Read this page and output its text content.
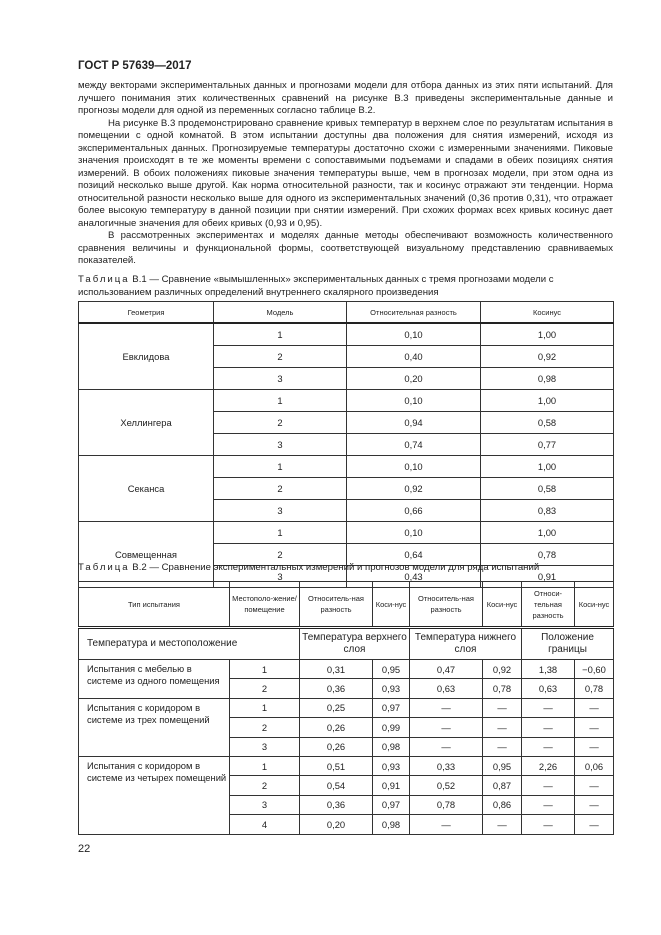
ГОСТ Р 57639—2017

между векторами экспериментальных данных и прогнозами модели для отбора данных из этих пяти испытаний. Для лучшего понимания этих количественных сравнений на рисунке В.3 приведены экспериментальные данные и прогнозы модели для одной из переменных согласно таблице В.2.

На рисунке В.3 продемонстрировано сравнение кривых температур в верхнем слое по результатам испытания в помещении с одной комнатой. В этом испытании доступны два положения для снятия измерений, исходя из экспериментальных данных. Прогнозируемые температуры достаточно схожи с измеренными значениями. Пиковые значения происходят в те же моменты времени с сопоставимыми подъемами и спадами в обеих позициях снятия измерений. В обоих положениях пиковые значения температуры выше, чем в прогнозах модели, при этом одна из позиций несколько выше другой. Как норма относительной разности, так и косинус отражают эти тенденции. Норма относительной разности несколько выше для одного из экспериментальных значений (0,36 против 0,31), что отражает более высокую температуру в данной позиции при снятии измерений. При схожих формах всех кривых косинус дает аналогичные значения для обеих кривых (0,93 и 0,95).

В рассмотренных экспериментах и моделях данные методы обеспечивают возможность количественного сравнения величины и функциональной формы, соответствующей визуальному представлению сравниваемых показателей.

Таблица В.1 — Сравнение «вымышленных» экспериментальных данных с тремя прогнозами модели с использованием различных определений внутреннего скалярного произведения
Геометрия	Модель	Относительная разность	Косинус
Евклидова	1	0,10	1,00
	2	0,40	0,92
	3	0,20	0,98
Хеллингера	1	0,10	1,00
	2	0,94	0,58
	3	0,74	0,77
Секанса	1	0,10	1,00
	2	0,92	0,58
	3	0,66	0,83
Совмещенная	1	0,10	1,00
	2	0,64	0,78
	3	0,43	0,91
Таблица В.2 — Сравнение экспериментальных измерений и прогнозов модели для ряда испытаний
Тип испытания	Местополо-жение/ помещение	Относитель-ная разность	Коси-нус	Относитель-ная разность	Коси-нус	Относи-тельная разность	Коси-нус
Температура и местоположение		Температура верхнего слоя		Температура нижнего слоя		Положение границы	
Испытания с мебелью в системе из одного помещения	1	0,31	0,95	0,47	0,92	1,38	−0,60
	2	0,36	0,93	0,63	0,78	0,63	0,78
Испытания с коридором в системе из трех помещений	1	0,25	0,97	—	—	—	—
	2	0,26	0,99	—	—	—	—
	3	0,26	0,98	—	—	—	—
Испытания с коридором в системе из четырех помещений	1	0,51	0,93	0,33	0,95	2,26	0,06
	2	0,54	0,91	0,52	0,87	—	—
	3	0,36	0,97	0,78	0,86	—	—
	4	0,20	0,98	—	—	—	—
22
